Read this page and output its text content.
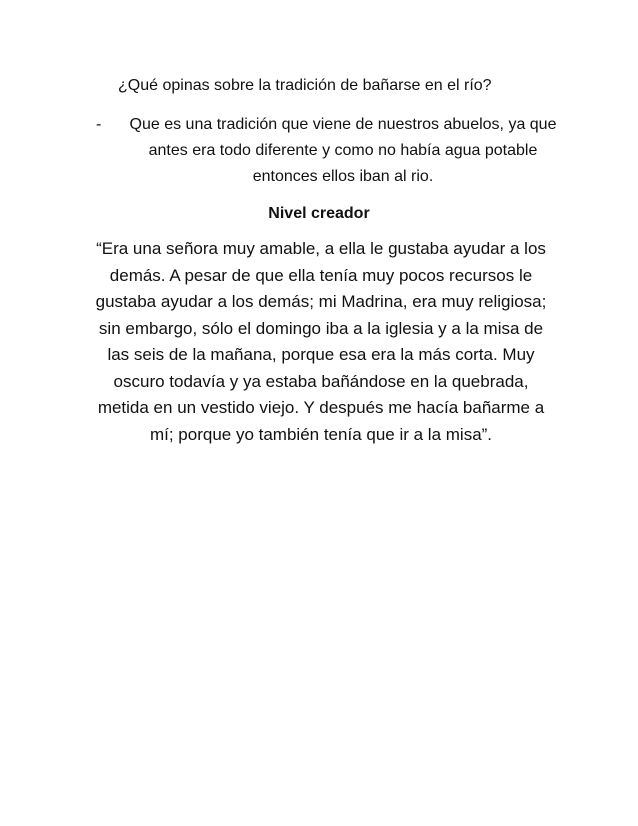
¿Qué opinas sobre la tradición de bañarse en el río?
-	Que es una tradición que viene de nuestros abuelos, ya que antes era todo diferente y como no había agua potable entonces ellos iban al rio.
Nivel creador
“Era una señora muy amable, a ella le gustaba ayudar a los demás. A pesar de que ella tenía muy pocos recursos le gustaba ayudar a los demás; mi Madrina, era muy religiosa; sin embargo, sólo el domingo iba a la iglesia y a la misa de las seis de la mañana, porque esa era la más corta. Muy oscuro todavía y ya estaba bañándose en la quebrada, metida en un vestido viejo. Y después me hacía bañarme a mí; porque yo también tenía que ir a la misa”.
